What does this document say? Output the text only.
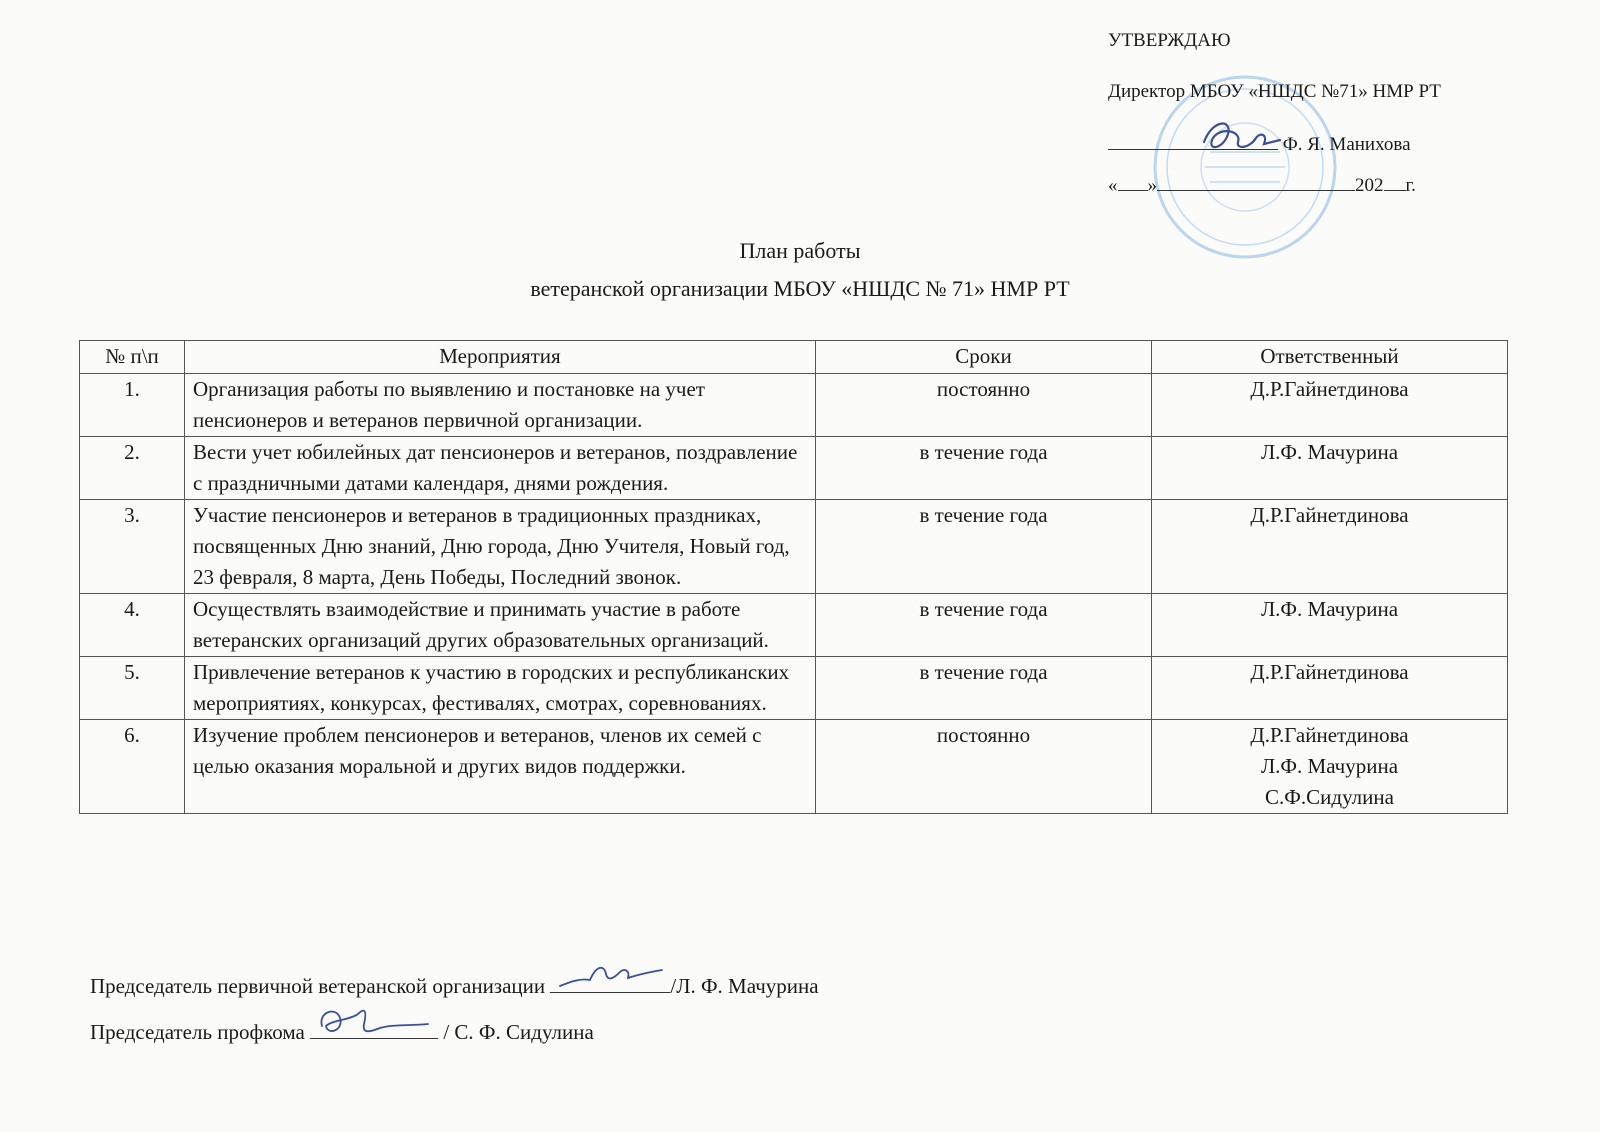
УТВЕРЖДАЮ
Директор МБОУ «НШДС №71» НМР РТ
Ф. Я. Манихова
« »	202 г.
План работы
ветеранской организации МБОУ «НШДС № 71» НМР РТ
№ п\п	Мероприятия	Сроки	Ответственный
1.	Организация работы по выявлению и постановке на учет пенсионеров и ветеранов первичной организации.	постоянно	Д.Р.Гайнетдинова

2.	Вести учет юбилейных дат пенсионеров и ветеранов, поздравление с праздничными датами календаря, днями рождения.	в течение года	Л.Ф. Мачурина

3.	Участие пенсионеров и ветеранов в традиционных праздниках, посвященных Дню знаний, Дню города, Дню Учителя, Новый год, 23 февраля, 8 марта, День Победы, Последний звонок.	в течение года	Д.Р.Гайнетдинова

4.	Осуществлять взаимодействие и принимать участие в работе ветеранских организаций других образовательных организаций.	в течение года	Л.Ф. Мачурина

5.	Привлечение ветеранов к участию в городских и республиканских мероприятиях, конкурсах, фестивалях, смотрах, соревнованиях.	в течение года	Д.Р.Гайнетдинова

6.	Изучение проблем пенсионеров и ветеранов, членов их семей с целью оказания моральной и других видов поддержки.	постоянно	Д.Р.Гайнетдинова
Л.Ф. Мачурина
С.Ф.Сидулина
Председатель первичной ветеранской организации	/Л. Ф. Мачурина
Председатель профкома	/ С. Ф. Сидулина
